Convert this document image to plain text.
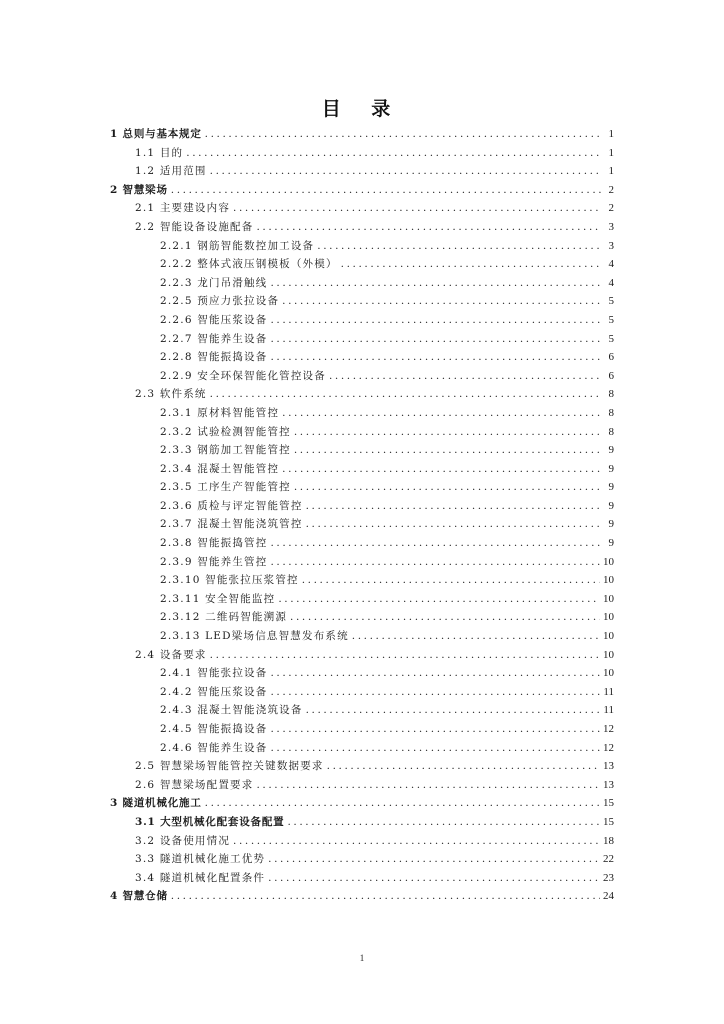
目 录
1 总则与基本规定 .....	1
1.1 目的 .....	1
1.2 适用范围 .....	1
2 智慧梁场 .....	2
2.1 主要建设内容 .....	2
2.2 智能设备设施配备 .....	3
2.2.1 钢筋智能数控加工设备 .....	3
2.2.2 整体式液压钢模板（外模） .....	4
2.2.3 龙门吊滑触线 .....	4
2.2.5 预应力张拉设备 .....	5
2.2.6 智能压浆设备 .....	5
2.2.7 智能养生设备 .....	5
2.2.8 智能振捣设备 .....	6
2.2.9 安全环保智能化管控设备 .....	6
2.3 软件系统 .....	8
2.3.1 原材料智能管控 .....	8
2.3.2 试验检测智能管控 .....	8
2.3.3 钢筋加工智能管控 .....	9
2.3.4 混凝土智能管控 .....	9
2.3.5 工序生产智能管控 .....	9
2.3.6 质检与评定智能管控 .....	9
2.3.7 混凝土智能浇筑管控 .....	9
2.3.8 智能振捣管控 .....	9
2.3.9 智能养生管控 .....	10
2.3.10 智能张拉压浆管控 .....	10
2.3.11 安全智能监控 .....	10
2.3.12 二维码智能溯源 .....	10
2.3.13 LED梁场信息智慧发布系统 .....	10
2.4 设备要求 .....	10
2.4.1 智能张拉设备 .....	10
2.4.2 智能压浆设备 .....	11
2.4.3 混凝土智能浇筑设备 .....	11
2.4.5 智能振捣设备 .....	12
2.4.6 智能养生设备 .....	12
2.5 智慧梁场智能管控关键数据要求 .....	13
2.6 智慧梁场配置要求 .....	13
3 隧道机械化施工 .....	15
3.1 大型机械化配套设备配置 .....	15
3.2 设备使用情况 .....	18
3.3 隧道机械化施工优势 .....	22
3.4 隧道机械化配置条件 .....	23
4 智慧仓储 .....	24
1
